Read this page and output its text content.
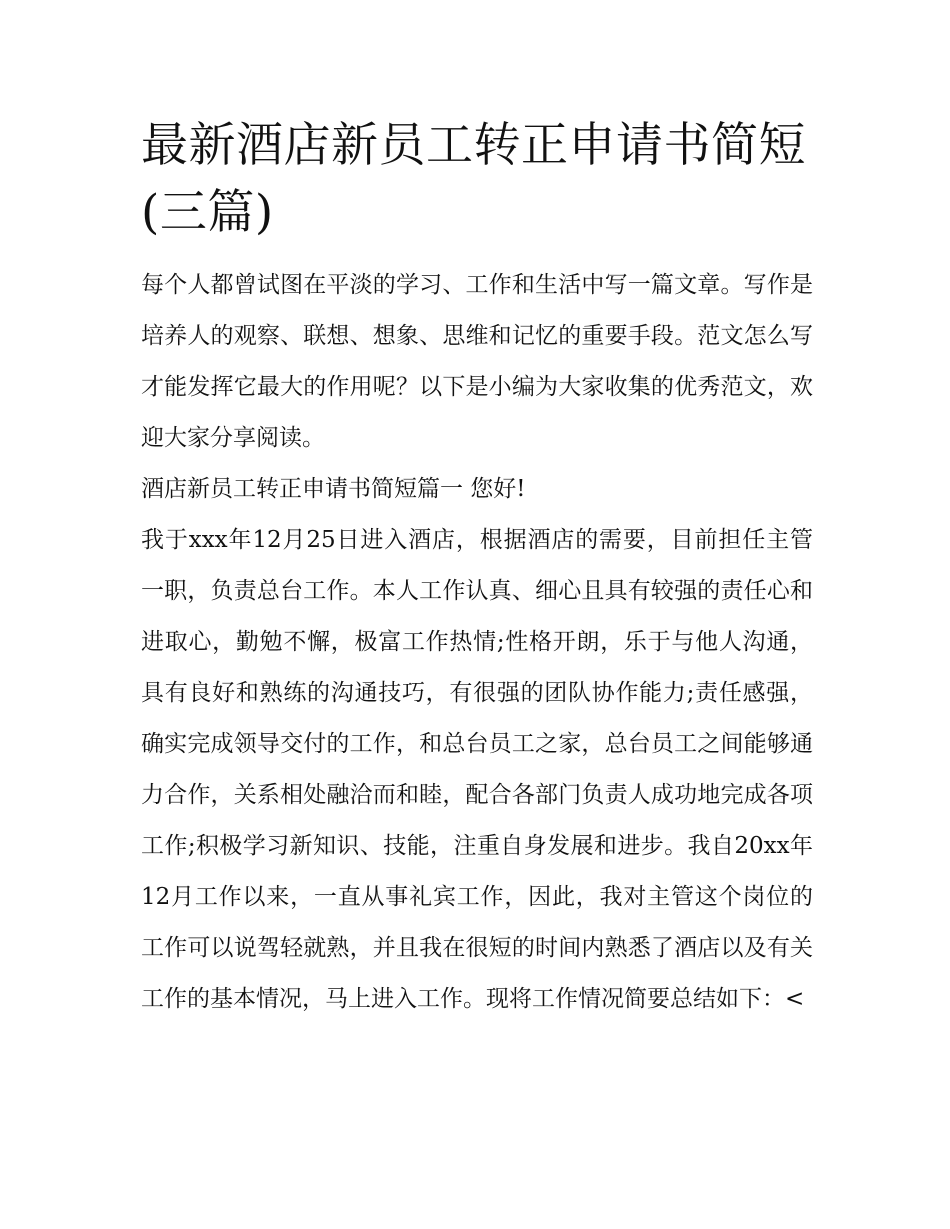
最新酒店新员工转正申请书简短(三篇)

每个人都曾试图在平淡的学习、工作和生活中写一篇文章。写作是培养人的观察、联想、想象、思维和记忆的重要手段。范文怎么写才能发挥它最大的作用呢？以下是小编为大家收集的优秀范文，欢迎大家分享阅读。

酒店新员工转正申请书简短篇一 您好!

我于xxx年12月25日进入酒店，根据酒店的需要，目前担任主管一职，负责总台工作。本人工作认真、细心且具有较强的责任心和进取心，勤勉不懈，极富工作热情;性格开朗，乐于与他人沟通，具有良好和熟练的沟通技巧，有很强的团队协作能力;责任感强，确实完成领导交付的工作，和总台员工之家，总台员工之间能够通力合作，关系相处融洽而和睦，配合各部门负责人成功地完成各项工作;积极学习新知识、技能，注重自身发展和进步。我自20xx年12月工作以来，一直从事礼宾工作，因此，我对主管这个岗位的工作可以说驾轻就熟，并且我在很短的时间内熟悉了酒店以及有关工作的基本情况，马上进入工作。现将工作情况简要总结如下：<
